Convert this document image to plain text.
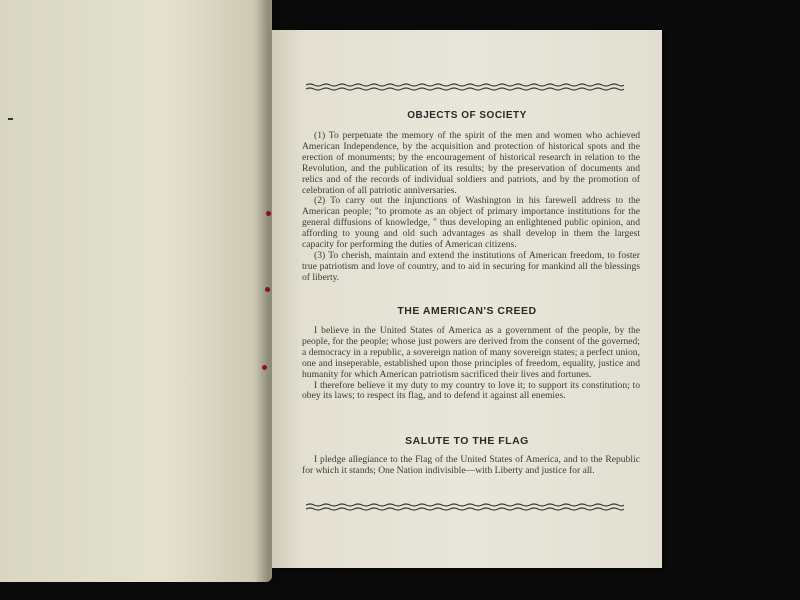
OBJECTS OF SOCIETY

(1) To perpetuate the memory of the spirit of the men and women who achieved American Independence, by the acquisition and protection of historical spots and the erection of monuments; by the encouragement of historical research in relation to the Revolution, and the publication of its results; by the preservation of documents and relics and of the records of individual soldiers and patriots, and by the promotion of celebration of all patriotic anniversaries.

(2) To carry out the injunctions of Washington in his farewell address to the American people; "to promote as an object of primary importance institutions for the general diffusions of knowledge, " thus developing an enlightened public opinion, and affording to young and old such advantages as shall develop in them the largest capacity for performing the duties of American citizens.

(3) To cherish, maintain and extend the institutions of American freedom, to foster true patriotism and love of country, and to aid in securing for mankind all the blessings of liberty.

THE AMERICAN'S CREED

I believe in the United States of America as a government of the people, by the people, for the people; whose just powers are derived from the consent of the governed; a democracy in a republic, a sovereign nation of many sovereign states; a perfect union, one and inseperable, established upon those principles of freedom, equality, justice and humanity for which American patriotism sacrificed their lives and fortunes.

I therefore believe it my duty to my country to love it; to support its constitution; to obey its laws; to respect its flag, and to defend it against all enemies.

SALUTE TO THE FLAG

I pledge allegiance to the Flag of the United States of America, and to the Republic for which it stands; One Nation indivisible—with Liberty and justice for all.
